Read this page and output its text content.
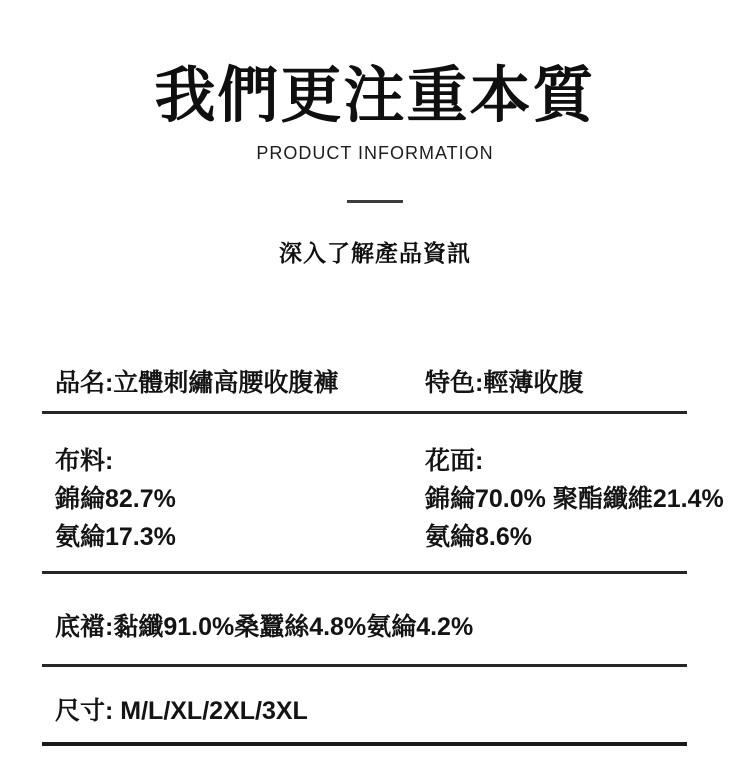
我們更注重本質
PRODUCT INFORMATION
深入了解產品資訊
品名:立體刺繡高腰收腹褲	特色:輕薄收腹
布料:
錦綸82.7%
氨綸17.3%
花面:
錦綸70.0% 聚酯纖維21.4%
氨綸8.6%
底襠:黏纖91.0%桑蠶絲4.8%氨綸4.2%
尺寸: M/L/XL/2XL/3XL
